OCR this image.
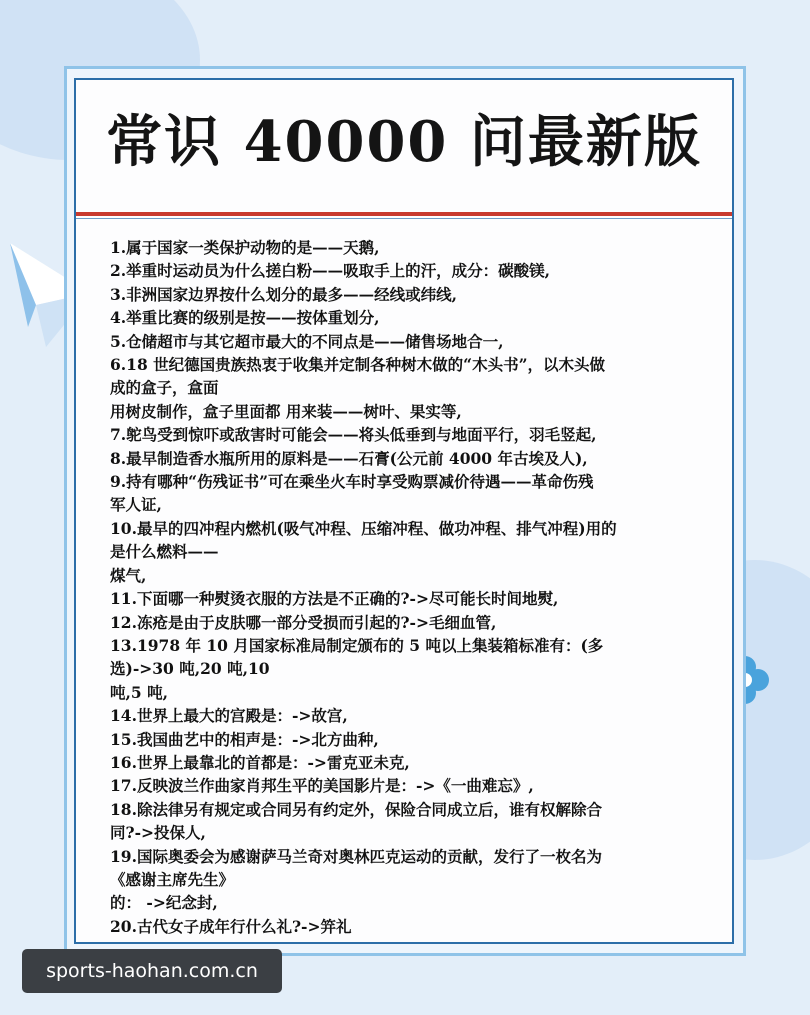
常识 40000 问最新版
1.属于国家一类保护动物的是——天鹅,
2.举重时运动员为什么搓白粉——吸取手上的汗，成分：碳酸镁,
3.非洲国家边界按什么划分的最多——经线或纬线,
4.举重比赛的级别是按——按体重划分,
5.仓储超市与其它超市最大的不同点是——储售场地合一,
6.18 世纪德国贵族热衷于收集并定制各种树木做的“木头书”，以木头做
成的盒子，盒面
用树皮制作，盒子里面都 用来装——树叶、果实等,
7.鸵鸟受到惊吓或敌害时可能会——将头低垂到与地面平行，羽毛竖起,
8.最早制造香水瓶所用的原料是——石膏(公元前 4000 年古埃及人),
9.持有哪种“伤残证书”可在乘坐火车时享受购票减价待遇——革命伤残
军人证,
10.最早的四冲程内燃机(吸气冲程、压缩冲程、做功冲程、排气冲程)用的
是什么燃料——
煤气,
11.下面哪一种熨烫衣服的方法是不正确的?->尽可能长时间地熨,
12.冻疮是由于皮肤哪一部分受损而引起的?->毛细血管,
13.1978 年 10 月国家标准局制定颁布的 5 吨以上集装箱标准有：(多
选)->30 吨,20 吨,10
吨,5 吨,
14.世界上最大的宫殿是：->故宫,
15.我国曲艺中的相声是：->北方曲种,
16.世界上最靠北的首都是：->雷克亚未克,
17.反映波兰作曲家肖邦生平的美国影片是：->《一曲难忘》,
18.除法律另有规定或合同另有约定外，保险合同成立后，谁有权解除合
同?->投保人,
19.国际奥委会为感谢萨马兰奇对奥林匹克运动的贡献，发行了一枚名为
《感谢主席先生》
的： ->纪念封,
20.古代女子成年行什么礼?->笄礼
sports-haohan.com.cn
